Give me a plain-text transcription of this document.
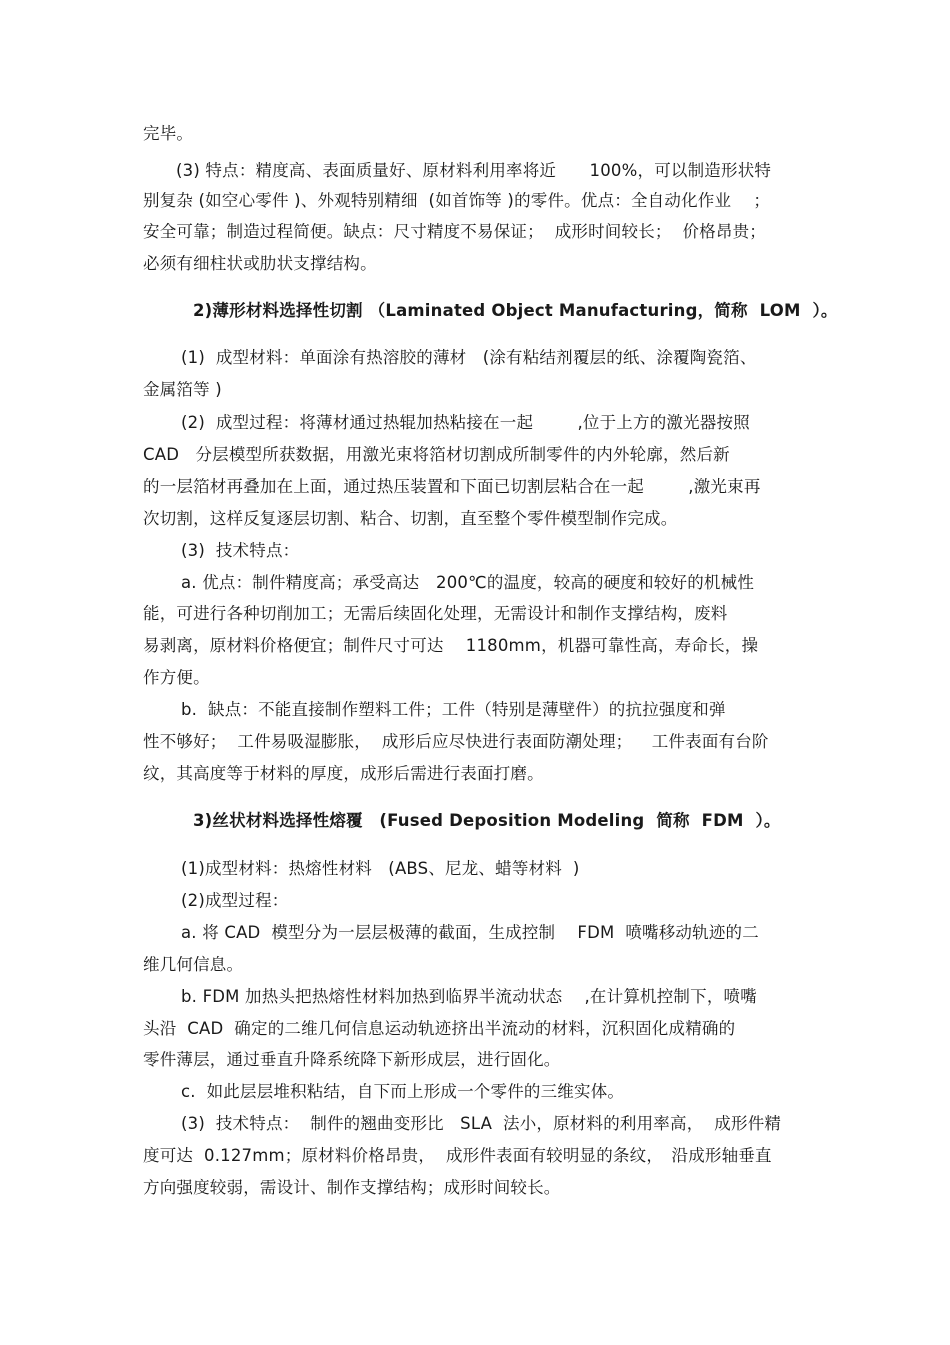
完毕。
(3) 特点：精度高、表面质量好、原材料利用率将近　　100%，可以制造形状特
别复杂 (如空心零件 )、外观特别精细  (如首饰等 )的零件。优点：全自动化作业　 ；
安全可靠；制造过程简便。缺点：尺寸精度不易保证；  成形时间较长；  价格昂贵；
必须有细柱状或肋状支撑结构。
2)薄形材料选择性切割 （Laminated Object Manufacturing，简称  LOM  ）。
(1)  成型材料：单面涂有热溶胶的薄材   (涂有粘结剂覆层的纸、涂覆陶瓷箔、
金属箔等 )
(2)  成型过程：将薄材通过热辊加热粘接在一起　　  ,位于上方的激光器按照
CAD   分层模型所获数据，用激光束将箔材切割成所制零件的内外轮廓，然后新
的一层箔材再叠加在上面，通过热压装置和下面已切割层粘合在一起　　  ,激光束再
次切割，这样反复逐层切割、粘合、切割，直至整个零件模型制作完成。
(3)  技术特点：
a. 优点：制件精度高；承受高达　200℃的温度，较高的硬度和较好的机械性
能，可进行各种切削加工；无需后续固化处理，无需设计和制作支撑结构，废料
易剥离，原材料价格便宜；制件尺寸可达　 1180mm，机器可靠性高，寿命长，操
作方便。
b.  缺点：不能直接制作塑料工件；工件（特别是薄壁件）的抗拉强度和弹
性不够好；  工件易吸湿膨胀，  成形后应尽快进行表面防潮处理；　  工件表面有台阶
纹，其高度等于材料的厚度，成形后需进行表面打磨。
3)丝状材料选择性熔覆　(Fused Deposition Modeling  简称  FDM  ）。
(1)成型材料：热熔性材料   (ABS、尼龙、蜡等材料  )
(2)成型过程：
a. 将 CAD  模型分为一层层极薄的截面，生成控制　 FDM  喷嘴移动轨迹的二
维几何信息。
b. FDM 加热头把热熔性材料加热到临界半流动状态　 ,在计算机控制下，喷嘴
头沿  CAD  确定的二维几何信息运动轨迹挤出半流动的材料，沉积固化成精确的
零件薄层，通过垂直升降系统降下新形成层，进行固化。
c.  如此层层堆积粘结，自下而上形成一个零件的三维实体。
(3)  技术特点：  制件的翘曲变形比   SLA  法小，原材料的利用率高，  成形件精
度可达  0.127mm；原材料价格昂贵，  成形件表面有较明显的条纹，　沿成形轴垂直
方向强度较弱，需设计、制作支撑结构；成形时间较长。
